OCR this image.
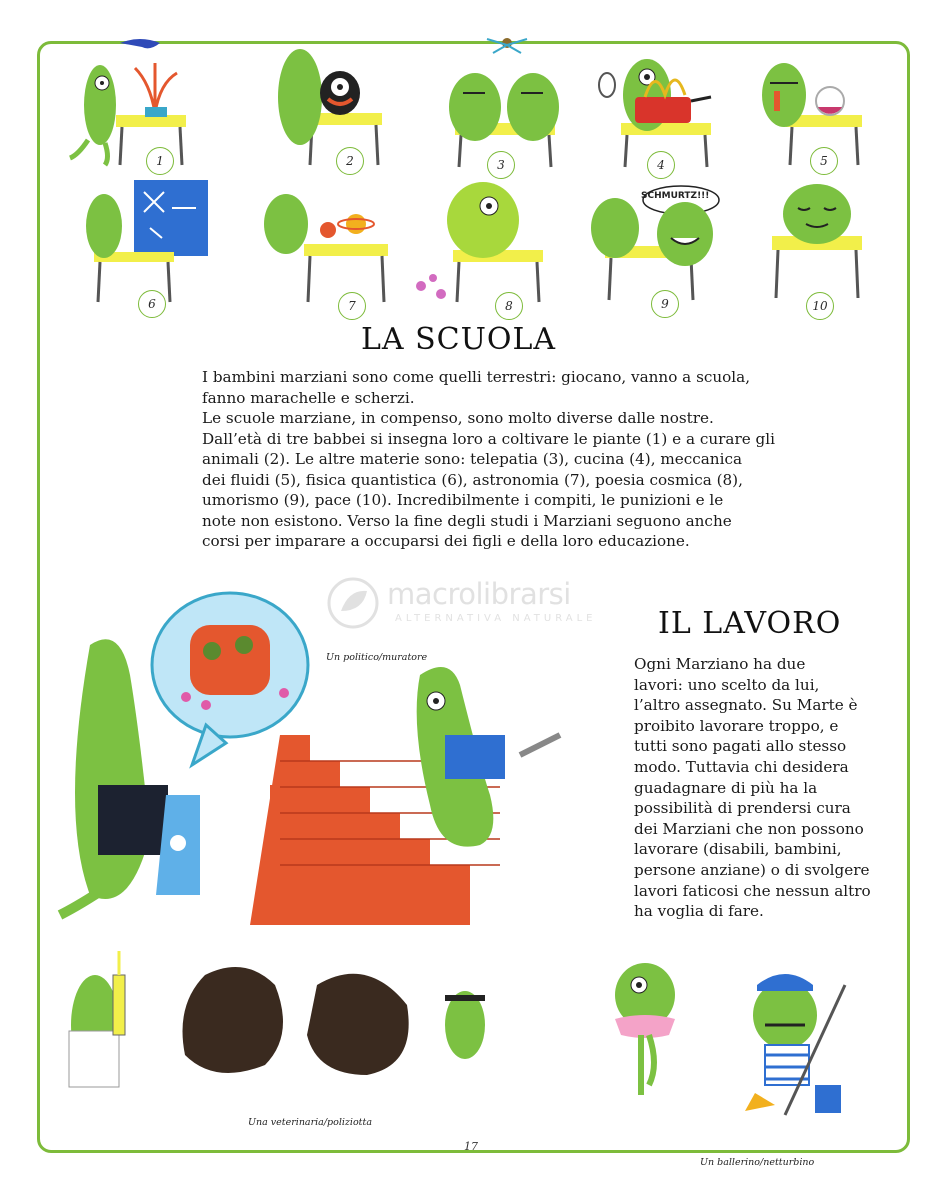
1	2	3	4	5
6	7	8
SCHMURTZ!!!
9	10
LA SCUOLA
I bambini marziani sono come quelli terrestri: giocano, vanno a scuola,
fanno marachelle e scherzi.
Le scuole marziane, in compenso, sono molto diverse dalle nostre.
Dall’età di tre babbei si insegna loro a coltivare le piante (1) e a curare gli
animali (2). Le altre materie sono: telepatia (3), cucina (4), meccanica
dei fluidi (5), fisica quantistica (6), astronomia (7), poesia cosmica (8),
umorismo (9), pace (10). Incredibilmente i compiti, le punizioni e le
note non esistono. Verso la fine degli studi i Marziani seguono anche
corsi per imparare a occuparsi dei figli e della loro educazione.
macrolibrarsi
ALTERNATIVA NATURALE IL LAVORO
Ogni Marziano ha due
lavori: uno scelto da lui,
l’altro assegnato. Su Marte è
proibito lavorare troppo, e
tutti sono pagati allo stesso
modo. Tuttavia chi desidera
guadagnare di più ha la
possibilità di prendersi cura
dei Marziani che non possono
lavorare (disabili, bambini,
persone anziane) o di svolgere
lavori faticosi che nessun altro
ha voglia di fare.
Un politico/muratore
Una veterinaria/poliziotta
Un ballerino/netturbino
17
